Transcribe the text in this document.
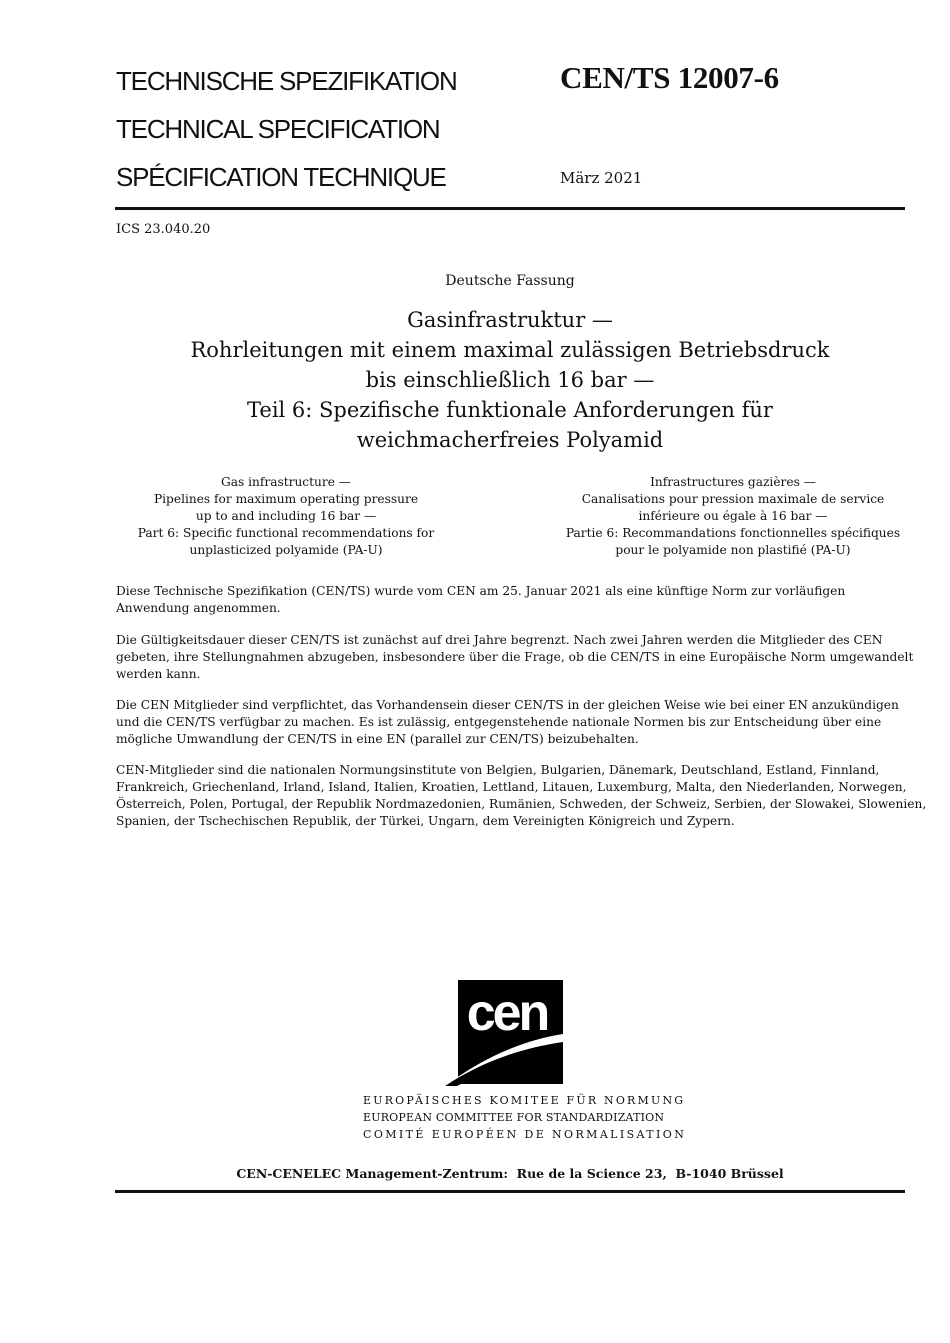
TECHNISCHE SPEZIFIKATION
TECHNICAL SPECIFICATION
SPÉCIFICATION TECHNIQUE
CEN/TS 12007-6
März 2021
ICS 23.040.20
Deutsche Fassung
Gasinfrastruktur —
Rohrleitungen mit einem maximal zulässigen Betriebsdruck
bis einschließlich 16 bar —
Teil 6: Spezifische funktionale Anforderungen für
weichmacherfreies Polyamid
Gas infrastructure —
Pipelines for maximum operating pressure
up to and including 16 bar —
Part 6: Specific functional recommendations for
unplasticized polyamide (PA-U)
Infrastructures gazières —
Canalisations pour pression maximale de service
inférieure ou égale à 16 bar —
Partie 6: Recommandations fonctionnelles spécifiques
pour le polyamide non plastifié (PA-U)
Diese Technische Spezifikation (CEN/TS) wurde vom CEN am 25. Januar 2021 als eine künftige Norm zur vorläufigen
Anwendung angenommen.
Die Gültigkeitsdauer dieser CEN/TS ist zunächst auf drei Jahre begrenzt. Nach zwei Jahren werden die Mitglieder des CEN
gebeten, ihre Stellungnahmen abzugeben, insbesondere über die Frage, ob die CEN/TS in eine Europäische Norm umgewandelt
werden kann.
Die CEN Mitglieder sind verpflichtet, das Vorhandensein dieser CEN/TS in der gleichen Weise wie bei einer EN anzukündigen
und die CEN/TS verfügbar zu machen. Es ist zulässig, entgegenstehende nationale Normen bis zur Entscheidung über eine
mögliche Umwandlung der CEN/TS in eine EN (parallel zur CEN/TS) beizubehalten.
CEN-Mitglieder sind die nationalen Normungsinstitute von Belgien, Bulgarien, Dänemark, Deutschland, Estland, Finnland,
Frankreich, Griechenland, Irland, Island, Italien, Kroatien, Lettland, Litauen, Luxemburg, Malta, den Niederlanden, Norwegen,
Österreich, Polen, Portugal, der Republik Nordmazedonien, Rumänien, Schweden, der Schweiz, Serbien, der Slowakei, Slowenien,
Spanien, der Tschechischen Republik, der Türkei, Ungarn, dem Vereinigten Königreich und Zypern.
cen
EUROPÄISCHES KOMITEE FÜR NORMUNG
EUROPEAN COMMITTEE FOR STANDARDIZATION
COMITÉ EUROPÉEN DE NORMALISATION
CEN-CENELEC Management-Zentrum:  Rue de la Science 23,  B-1040 Brüssel
